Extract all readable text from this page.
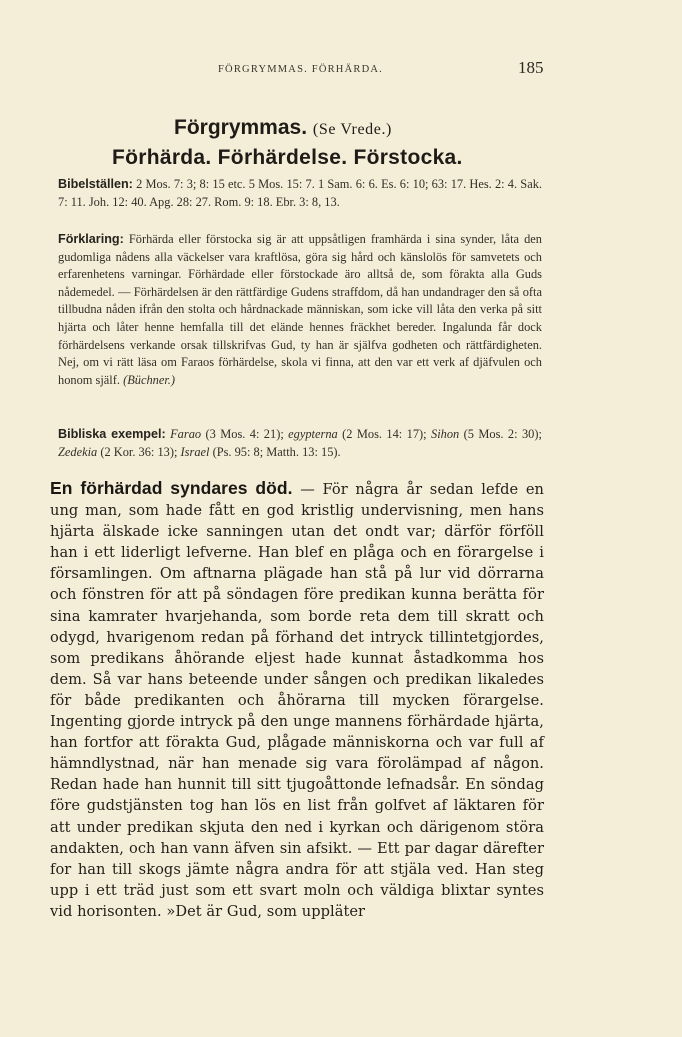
FÖRGRYMMAS. FÖRHÄRDA.	185
Förgrymmas. (Se Vrede.)
Förhärda. Förhärdelse. Förstocka.
Bibelställen: 2 Mos. 7: 3; 8: 15 etc. 5 Mos. 15: 7. 1 Sam. 6: 6. Es. 6: 10; 63: 17. Hes. 2: 4. Sak. 7: 11. Joh. 12: 40. Apg. 28: 27. Rom. 9: 18. Ebr. 3: 8, 13.
Förklaring: Förhärda eller förstocka sig är att uppsåtligen framhärda i sina synder, låta den gudomliga nådens alla väckelser vara kraftlösa, göra sig hård och känslolös för samvetets och erfarenhetens varningar. Förhärdade eller förstockade äro alltså de, som förakta alla Guds nådemedel. — Förhärdelsen är den rättfärdige Gudens straffdom, då han undandrager den så ofta tillbudna nåden ifrån den stolta och hårdnackade människan, som icke vill låta den verka på sitt hjärta och låter henne hemfalla till det elände hennes fräckhet bereder. Ingalunda får dock förhärdelsens verkande orsak tillskrifvas Gud, ty han är själfva godheten och rättfärdigheten. Nej, om vi rätt läsa om Faraos förhärdelse, skola vi finna, att den var ett verk af djäfvulen och honom själf. (Büchner.)
Bibliska exempel: Farao (3 Mos. 4: 21); egypterna (2 Mos. 14: 17); Sihon (5 Mos. 2: 30); Zedekia (2 Kor. 36: 13); Israel (Ps. 95: 8; Matth. 13: 15).
En förhärdad syndares död. — För några år sedan lefde en ung man, som hade fått en god kristlig undervisning, men hans hjärta älskade icke sanningen utan det ondt var; därför förföll han i ett liderligt lefverne. Han blef en plåga och en förargelse i församlingen. Om aftnarna plägade han stå på lur vid dörrarna och fönstren för att på söndagen före predikan kunna berätta för sina kamrater hvarjehanda, som borde reta dem till skratt och odygd, hvarigenom redan på förhand det intryck tillintetgjordes, som predikans åhörande eljest hade kunnat åstadkomma hos dem. Så var hans beteende under sången och predikan likaledes för både predikanten och åhörarna till mycken förargelse. Ingenting gjorde intryck på den unge mannens förhärdade hjärta, han fortfor att förakta Gud, plågade människorna och var full af hämndlystnad, när han menade sig vara förolämpad af någon. Redan hade han hunnit till sitt tjugoåttonde lefnadsår. En söndag före gudstjänsten tog han lös en list från golfvet af läktaren för att under predikan skjuta den ned i kyrkan och därigenom störa andakten, och han vann äfven sin afsikt. — Ett par dagar därefter for han till skogs jämte några andra för att stjäla ved. Han steg upp i ett träd just som ett svart moln och väldiga blixtar syntes vid horisonten. »Det är Gud, som uppläter
